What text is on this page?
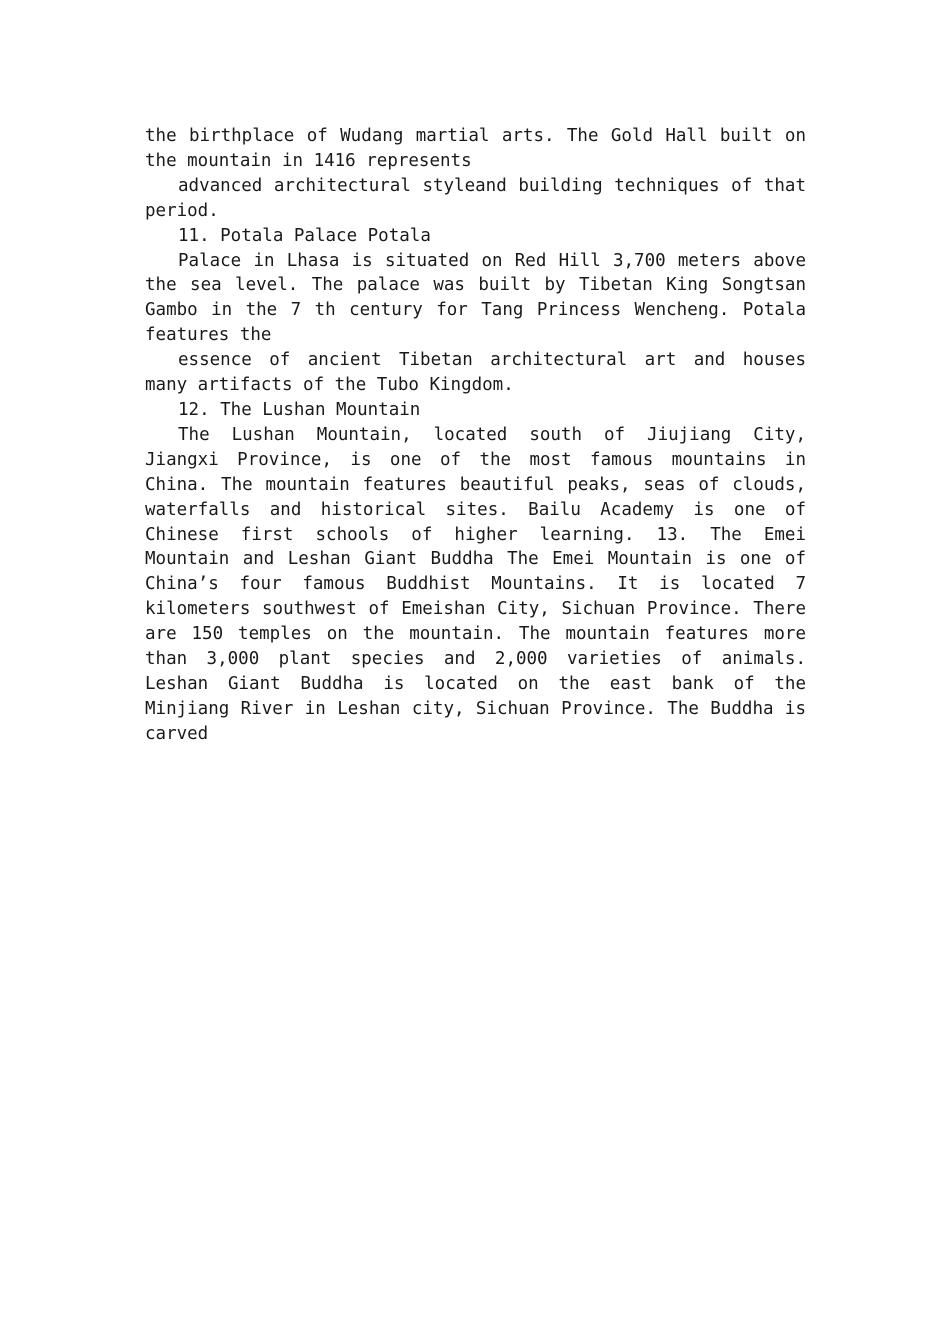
the birthplace of Wudang martial arts. The Gold Hall built on the mountain in 1416 represents

advanced architectural styleand building techniques of that period.

11. Potala Palace Potala

Palace in Lhasa is situated on Red Hill 3,700 meters above the sea level. The palace was built by Tibetan King Songtsan Gambo in the 7 th century for Tang Princess Wencheng. Potala features the

essence of ancient Tibetan architectural art and houses many artifacts of the Tubo Kingdom.

12. The Lushan Mountain

The Lushan Mountain, located south of Jiujiang City, Jiangxi Province, is one of the most famous mountains in China. The mountain features beautiful peaks, seas of clouds, waterfalls and historical sites. Bailu Academy is one of Chinese first schools of higher learning. 13. The Emei Mountain and Leshan Giant Buddha The Emei Mountain is one of China’s four famous Buddhist Mountains. It is located 7 kilometers southwest of Emeishan City, Sichuan Province. There are 150 temples on the mountain. The mountain features more than 3,000 plant species and 2,000 varieties of animals. Leshan Giant Buddha is located on the east bank of the Minjiang River in Leshan city, Sichuan Province. The Buddha is carved
